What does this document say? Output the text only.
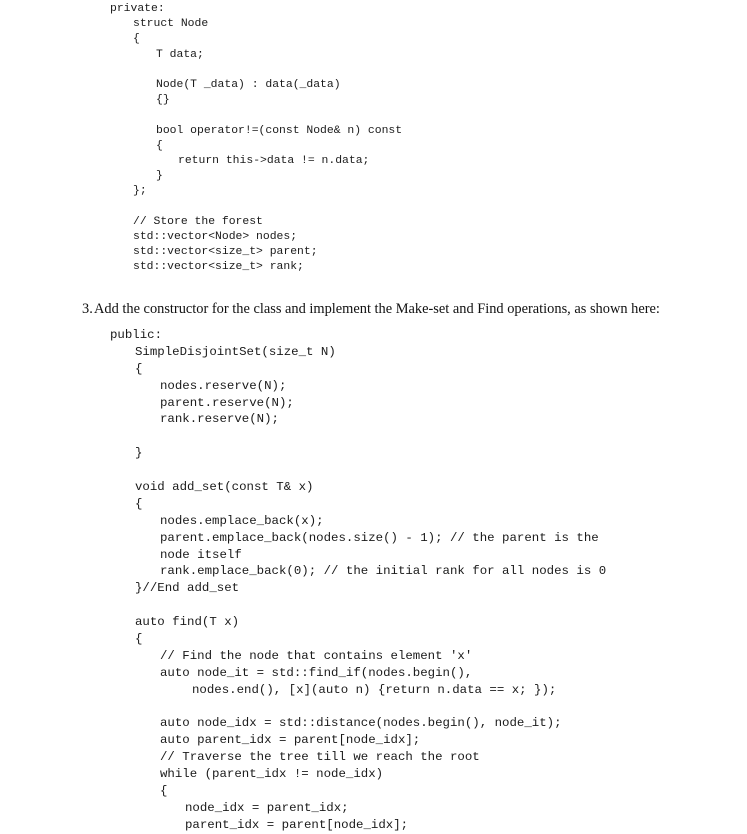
private:
struct Node
{
T data;
Node(T _data) : data(_data)
{}
bool operator!=(const Node& n) const
{
return this->data != n.data;
}
};
// Store the forest
std::vector<Node> nodes;
std::vector<size_t> parent;
std::vector<size_t> rank;
3. Add the constructor for the class and implement the Make-set and Find operations, as shown here:
public:
SimpleDisjointSet(size_t N)
{
nodes.reserve(N);
parent.reserve(N);
rank.reserve(N);
}
void add_set(const T& x)
{
nodes.emplace_back(x);
parent.emplace_back(nodes.size() - 1); // the parent is the
node itself
rank.emplace_back(0); // the initial rank for all nodes is 0
}//End add_set
auto find(T x)
{
// Find the node that contains element 'x'
auto node_it = std::find_if(nodes.begin(),
nodes.end(), [x](auto n) {return n.data == x; });
auto node_idx = std::distance(nodes.begin(), node_it);
auto parent_idx = parent[node_idx];
// Traverse the tree till we reach the root
while (parent_idx != node_idx)
{
node_idx = parent_idx;
parent_idx = parent[node_idx];
